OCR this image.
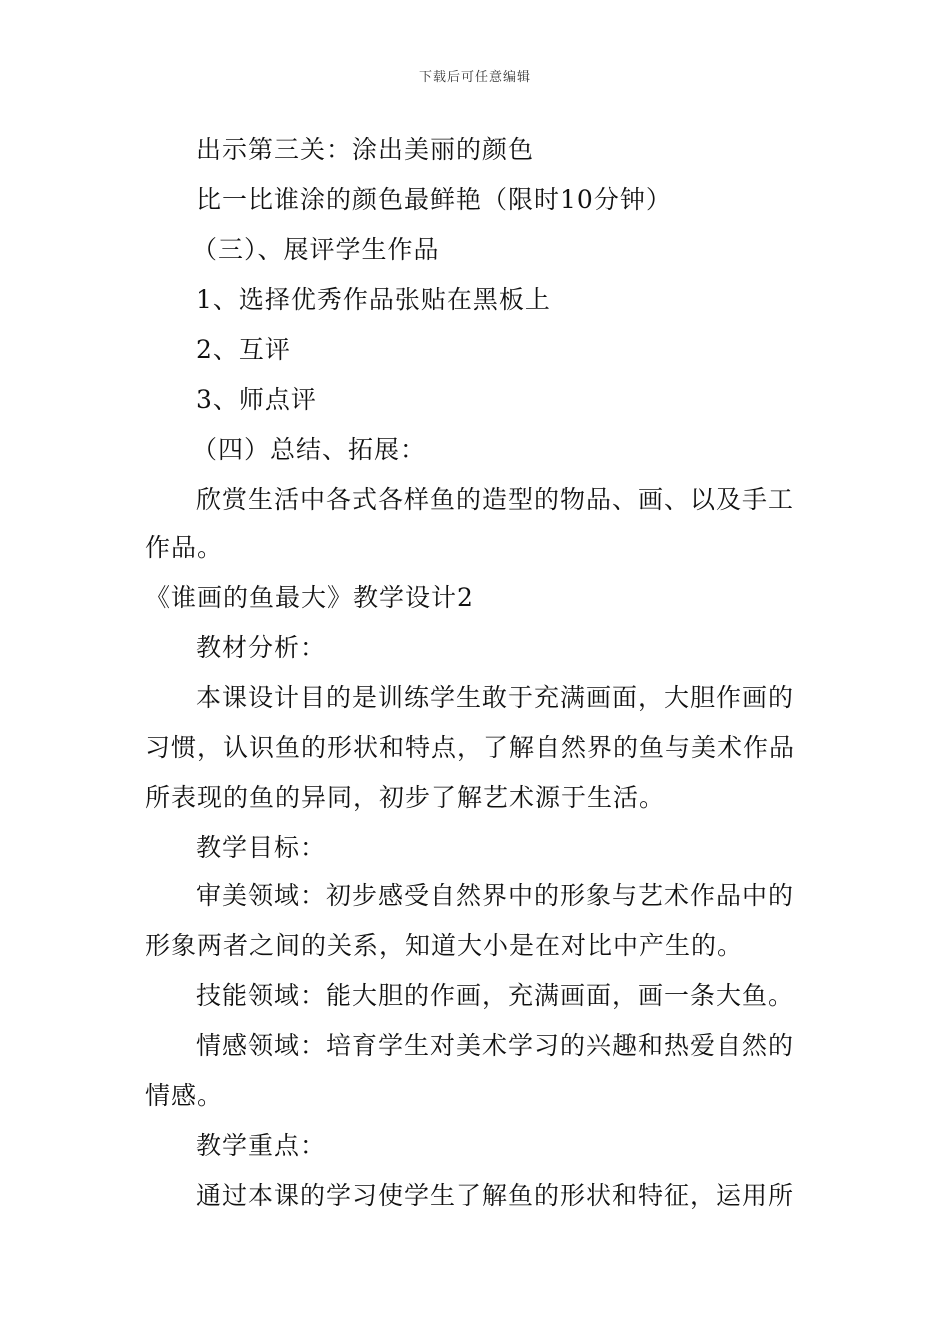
下载后可任意编辑
出示第三关：涂出美丽的颜色
比一比谁涂的颜色最鲜艳（限时10分钟）
（三）、展评学生作品
1、选择优秀作品张贴在黑板上
2、互评
3、师点评
（四）总结、拓展：
欣赏生活中各式各样鱼的造型的物品、画、以及手工
作品。
《谁画的鱼最大》教学设计2
教材分析：
本课设计目的是训练学生敢于充满画面，大胆作画的
习惯，认识鱼的形状和特点，了解自然界的鱼与美术作品
所表现的鱼的异同，初步了解艺术源于生活。
教学目标：
审美领域：初步感受自然界中的形象与艺术作品中的
形象两者之间的关系，知道大小是在对比中产生的。
技能领域：能大胆的作画，充满画面，画一条大鱼。
情感领域：培育学生对美术学习的兴趣和热爱自然的
情感。
教学重点：
通过本课的学习使学生了解鱼的形状和特征，运用所
